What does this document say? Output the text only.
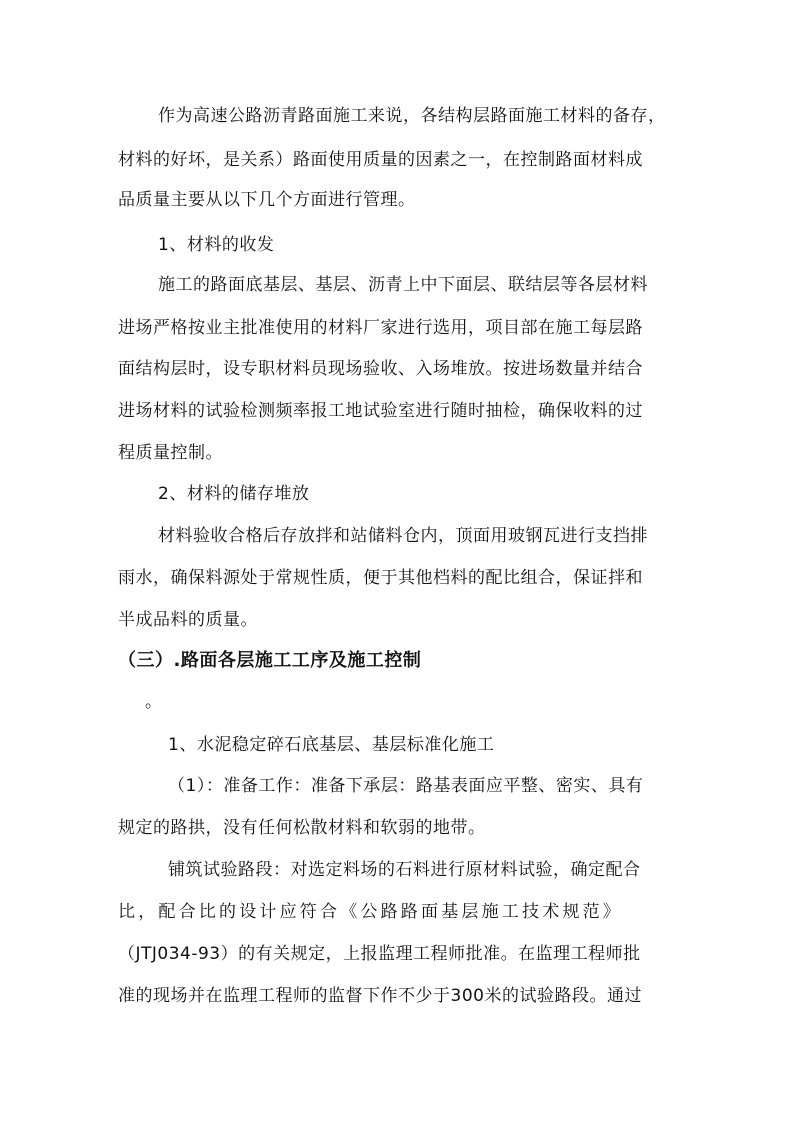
作为高速公路沥青路面施工来说，各结构层路面施工材料的备存，
材料的好坏，是关系）路面使用质量的因素之一，在控制路面材料成
品质量主要从以下几个方面进行管理。
1、材料的收发
施工的路面底基层、基层、沥青上中下面层、联结层等各层材料
进场严格按业主批准使用的材料厂家进行选用，项目部在施工每层路
面结构层时，设专职材料员现场验收、入场堆放。按进场数量并结合
进场材料的试验检测频率报工地试验室进行随时抽检，确保收料的过
程质量控制。
2、材料的储存堆放
材料验收合格后存放拌和站储料仓内，顶面用玻钢瓦进行支挡排
雨水，确保料源处于常规性质，便于其他档料的配比组合，保证拌和
半成品料的质量。
（三）.路面各层施工工序及施工控制
。
1、水泥稳定碎石底基层、基层标准化施工
（1）：准备工作：准备下承层：路基表面应平整、密实、具有
规定的路拱，没有任何松散材料和软弱的地带。
铺筑试验路段：对选定料场的石料进行原材料试验，确定配合
比，配合比的设计应符合《公路路面基层施工技术规范》
（JTJ034-93）的有关规定，上报监理工程师批准。在监理工程师批
准的现场并在监理工程师的监督下作不少于300米的试验路段。通过
